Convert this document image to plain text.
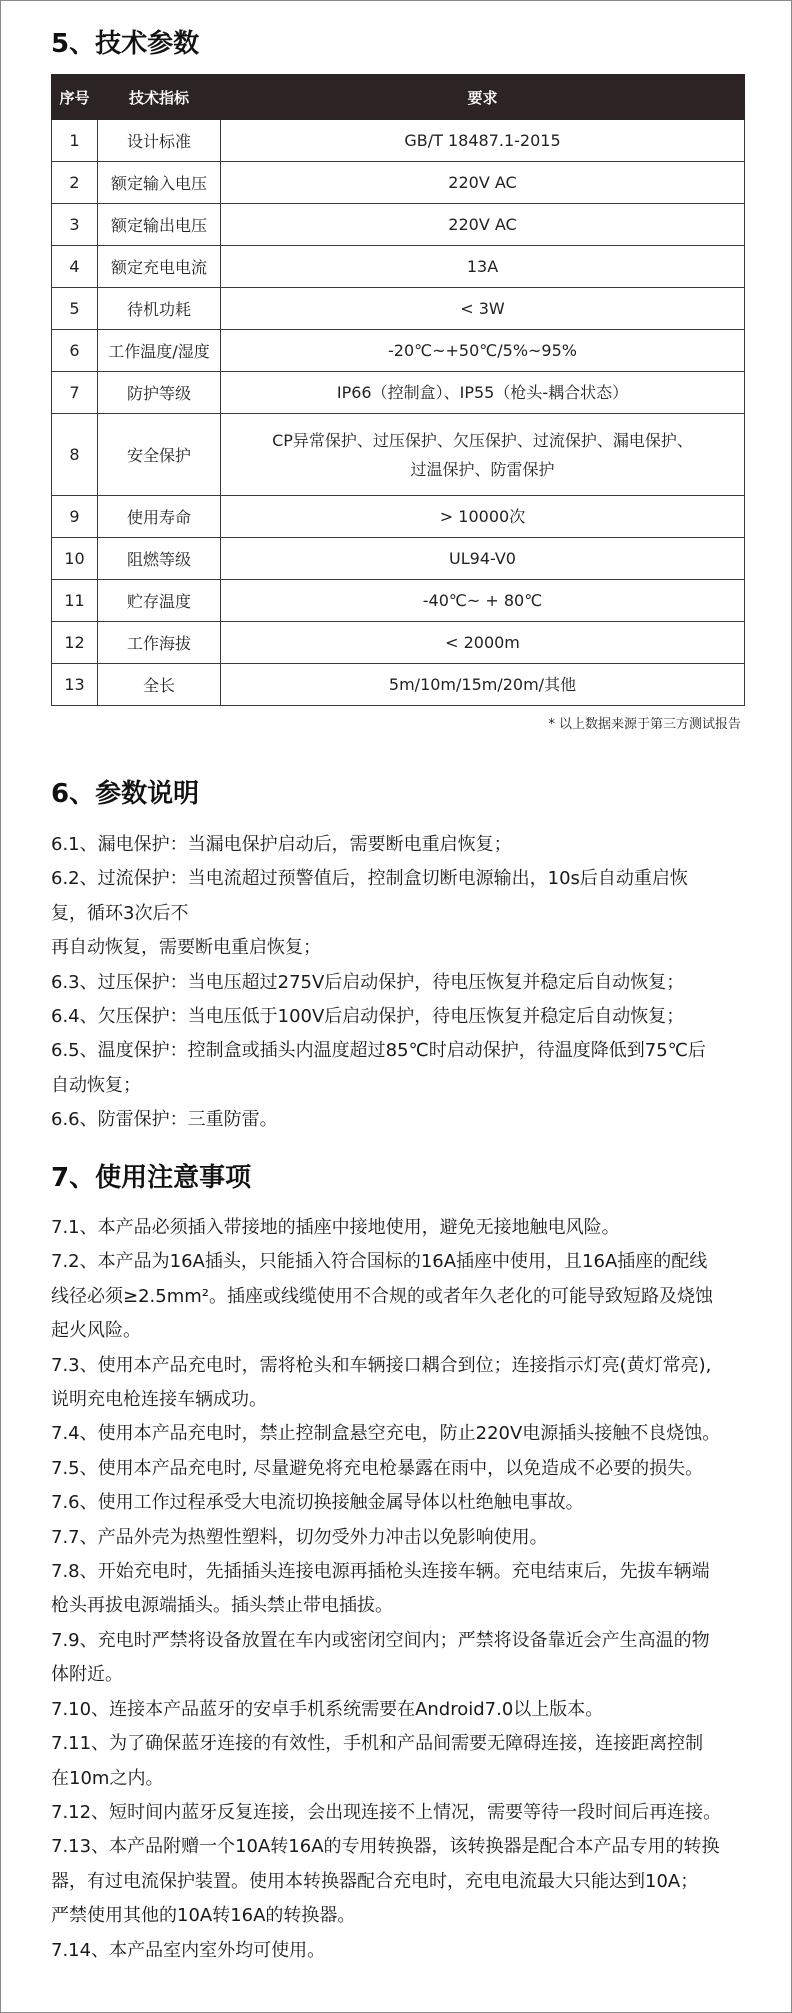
5、技术参数
序号	技术指标	要求
1	设计标准	GB/T 18487.1-2015

2	额定输入电压	220V AC

3	额定输出电压	220V AC

4	额定充电电流	13A

5	待机功耗	< 3W

6	工作温度/湿度	-20℃~+50℃/5%~95%

7	防护等级	IP66（控制盒）、IP55（枪头-耦合状态）

8	安全保护	CP异常保护、过压保护、欠压保护、过流保护、漏电保护、
过温保护、防雷保护

9	使用寿命	> 10000次

10	阻燃等级	UL94-V0

11	贮存温度	-40℃~ + 80℃

12	工作海拔	< 2000m

13	全长	5m/10m/15m/20m/其他

* 以上数据来源于第三方测试报告

6、参数说明

6.1、漏电保护：当漏电保护启动后，需要断电重启恢复；

6.2、过流保护：当电流超过预警值后，控制盒切断电源输出，10s后自动重启恢

复，循环3次后不

再自动恢复，需要断电重启恢复；

6.3、过压保护：当电压超过275V后启动保护，待电压恢复并稳定后自动恢复；

6.4、欠压保护：当电压低于100V后启动保护，待电压恢复并稳定后自动恢复；

6.5、温度保护：控制盒或插头内温度超过85℃时启动保护，待温度降低到75℃后

自动恢复；

6.6、防雷保护：三重防雷。

7、使用注意事项

7.1、本产品必须插入带接地的插座中接地使用，避免无接地触电风险。

7.2、本产品为16A插头，只能插入符合国标的16A插座中使用，且16A插座的配线

线径必须≥2.5mm²。插座或线缆使用不合规的或者年久老化的可能导致短路及烧蚀

起火风险。

7.3、使用本产品充电时，需将枪头和车辆接口耦合到位；连接指示灯亮(黄灯常亮),

说明充电枪连接车辆成功。

7.4、使用本产品充电时，禁止控制盒悬空充电，防止220V电源插头接触不良烧蚀。

7.5、使用本产品充电时, 尽量避免将充电枪暴露在雨中，以免造成不必要的损失。

7.6、使用工作过程承受大电流切换接触金属导体以杜绝触电事故。

7.7、产品外壳为热塑性塑料，切勿受外力冲击以免影响使用。

7.8、开始充电时，先插插头连接电源再插枪头连接车辆。充电结束后，先拔车辆端

枪头再拔电源端插头。插头禁止带电插拔。

7.9、充电时严禁将设备放置在车内或密闭空间内；严禁将设备靠近会产生高温的物

体附近。

7.10、连接本产品蓝牙的安卓手机系统需要在Android7.0以上版本。

7.11、为了确保蓝牙连接的有效性，手机和产品间需要无障碍连接，连接距离控制

在10m之内。

7.12、短时间内蓝牙反复连接，会出现连接不上情况，需要等待一段时间后再连接。

7.13、本产品附赠一个10A转16A的专用转换器，该转换器是配合本产品专用的转换

器，有过电流保护装置。使用本转换器配合充电时，充电电流最大只能达到10A；

严禁使用其他的10A转16A的转换器。

7.14、本产品室内室外均可使用。
